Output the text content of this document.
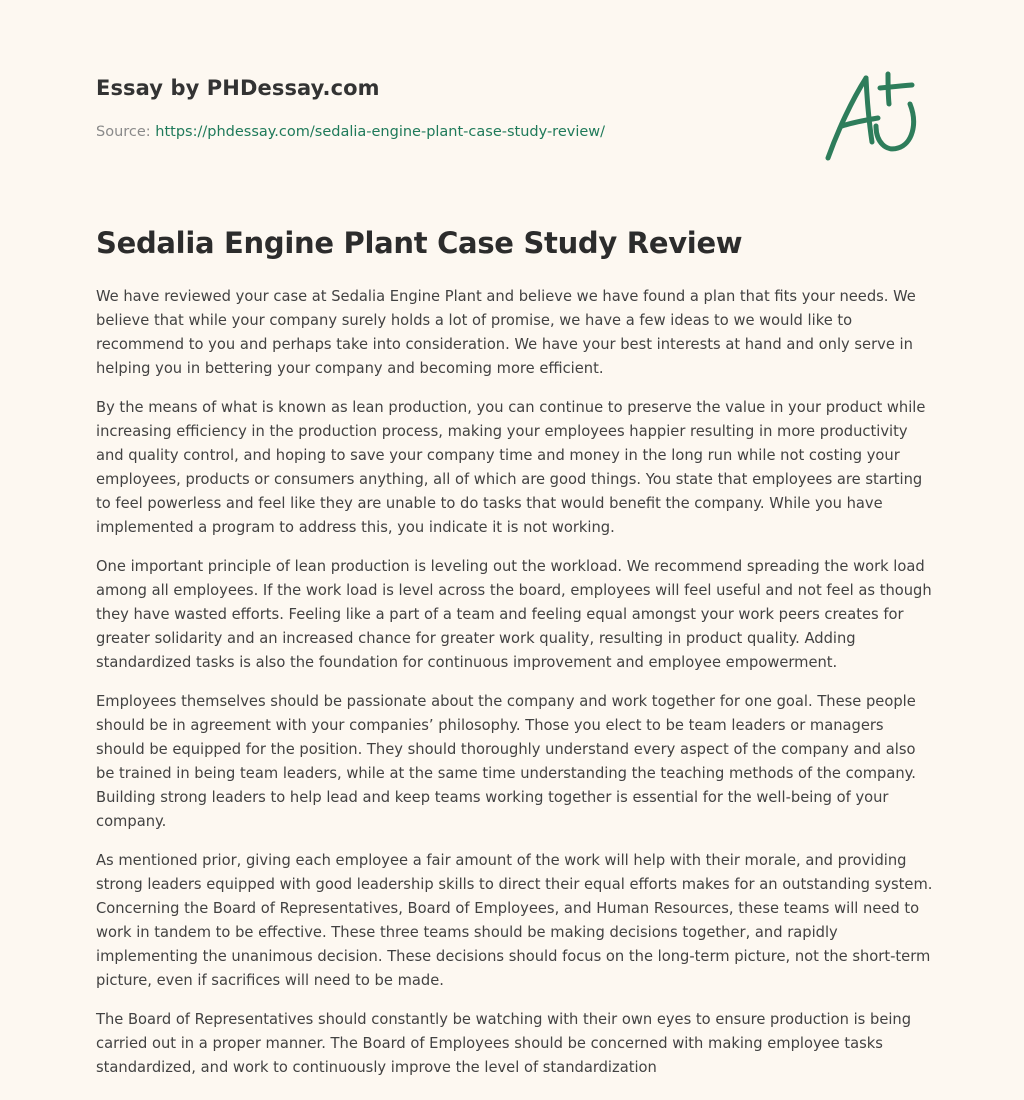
Essay by PHDessay.com
Source: https://phdessay.com/sedalia-engine-plant-case-study-review/
Sedalia Engine Plant Case Study Review

We have reviewed your case at Sedalia Engine Plant and believe we have found a plan that fits your needs. We believe that while your company surely holds a lot of promise, we have a few ideas to we would like to recommend to you and perhaps take into consideration. We have your best interests at hand and only serve in helping you in bettering your company and becoming more efficient.

By the means of what is known as lean production, you can continue to preserve the value in your product while increasing efficiency in the production process, making your employees happier resulting in more productivity and quality control, and hoping to save your company time and money in the long run while not costing your employees, products or consumers anything, all of which are good things. You state that employees are starting to feel powerless and feel like they are unable to do tasks that would benefit the company. While you have implemented a program to address this, you indicate it is not working.

One important principle of lean production is leveling out the workload. We recommend spreading the work load among all employees. If the work load is level across the board, employees will feel useful and not feel as though they have wasted efforts. Feeling like a part of a team and feeling equal amongst your work peers creates for greater solidarity and an increased chance for greater work quality, resulting in product quality. Adding standardized tasks is also the foundation for continuous improvement and employee empowerment.

Employees themselves should be passionate about the company and work together for one goal. These people should be in agreement with your companies’ philosophy. Those you elect to be team leaders or managers should be equipped for the position. They should thoroughly understand every aspect of the company and also be trained in being team leaders, while at the same time understanding the teaching methods of the company. Building strong leaders to help lead and keep teams working together is essential for the well-being of your company.

As mentioned prior, giving each employee a fair amount of the work will help with their morale, and providing strong leaders equipped with good leadership skills to direct their equal efforts makes for an outstanding system. Concerning the Board of Representatives, Board of Employees, and Human Resources, these teams will need to work in tandem to be effective. These three teams should be making decisions together, and rapidly implementing the unanimous decision. These decisions should focus on the long-term picture, not the short-term picture, even if sacrifices will need to be made.

The Board of Representatives should constantly be watching with their own eyes to ensure production is being carried out in a proper manner. The Board of Employees should be concerned with making employee tasks standardized, and work to continuously improve the level of standardization
